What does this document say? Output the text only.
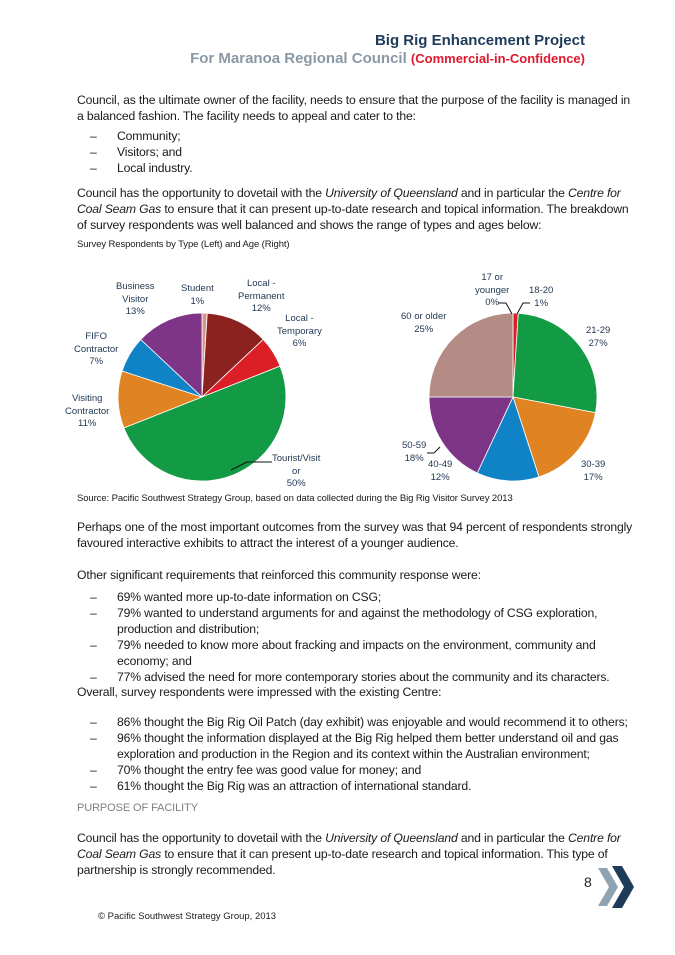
Big Rig Enhancement Project
For Maranoa Regional Council (Commercial-in-Confidence)
Council, as the ultimate owner of the facility, needs to ensure that the purpose of the facility is managed in a balanced fashion. The facility needs to appeal and cater to the:
– Community;
– Visitors; and
– Local industry.
Council has the opportunity to dovetail with the University of Queensland and in particular the Centre for Coal Seam Gas to ensure that it can present up-to-date research and topical information. The breakdown of survey respondents was well balanced and shows the range of types and ages below:
Survey Respondents by Type (Left) and Age (Right)
Business
Visitor
13%
Student
1%
Local -
Permanent
12%
Local -
Temporary
6%
FIFO
Contractor
7%
Visiting
Contractor
11%
Tourist/Visit
or
50%
17 or
younger
0%
18-20
1%
60 or older
25%	21-29
27%
50-59
18%
40-49
12%
30-39
17%
Source: Pacific Southwest Strategy Group, based on data collected during the Big Rig Visitor Survey 2013
Perhaps one of the most important outcomes from the survey was that 94 percent of respondents strongly favoured interactive exhibits to attract the interest of a younger audience.
Other significant requirements that reinforced this community response were:
– 69% wanted more up-to-date information on CSG;
– 79% wanted to understand arguments for and against the methodology of CSG exploration, production and distribution;
– 79% needed to know more about fracking and impacts on the environment, community and economy; and
– 77% advised the need for more contemporary stories about the community and its characters.
Overall, survey respondents were impressed with the existing Centre:
– 86% thought the Big Rig Oil Patch (day exhibit) was enjoyable and would recommend it to others;
– 96% thought the information displayed at the Big Rig helped them better understand oil and gas exploration and production in the Region and its context within the Australian environment;
– 70% thought the entry fee was good value for money; and
– 61% thought the Big Rig was an attraction of international standard.
PURPOSE OF FACILITY
Council has the opportunity to dovetail with the University of Queensland and in particular the Centre for Coal Seam Gas to ensure that it can present up-to-date research and topical information. This type of partnership is strongly recommended.
8
© Pacific Southwest Strategy Group, 2013
